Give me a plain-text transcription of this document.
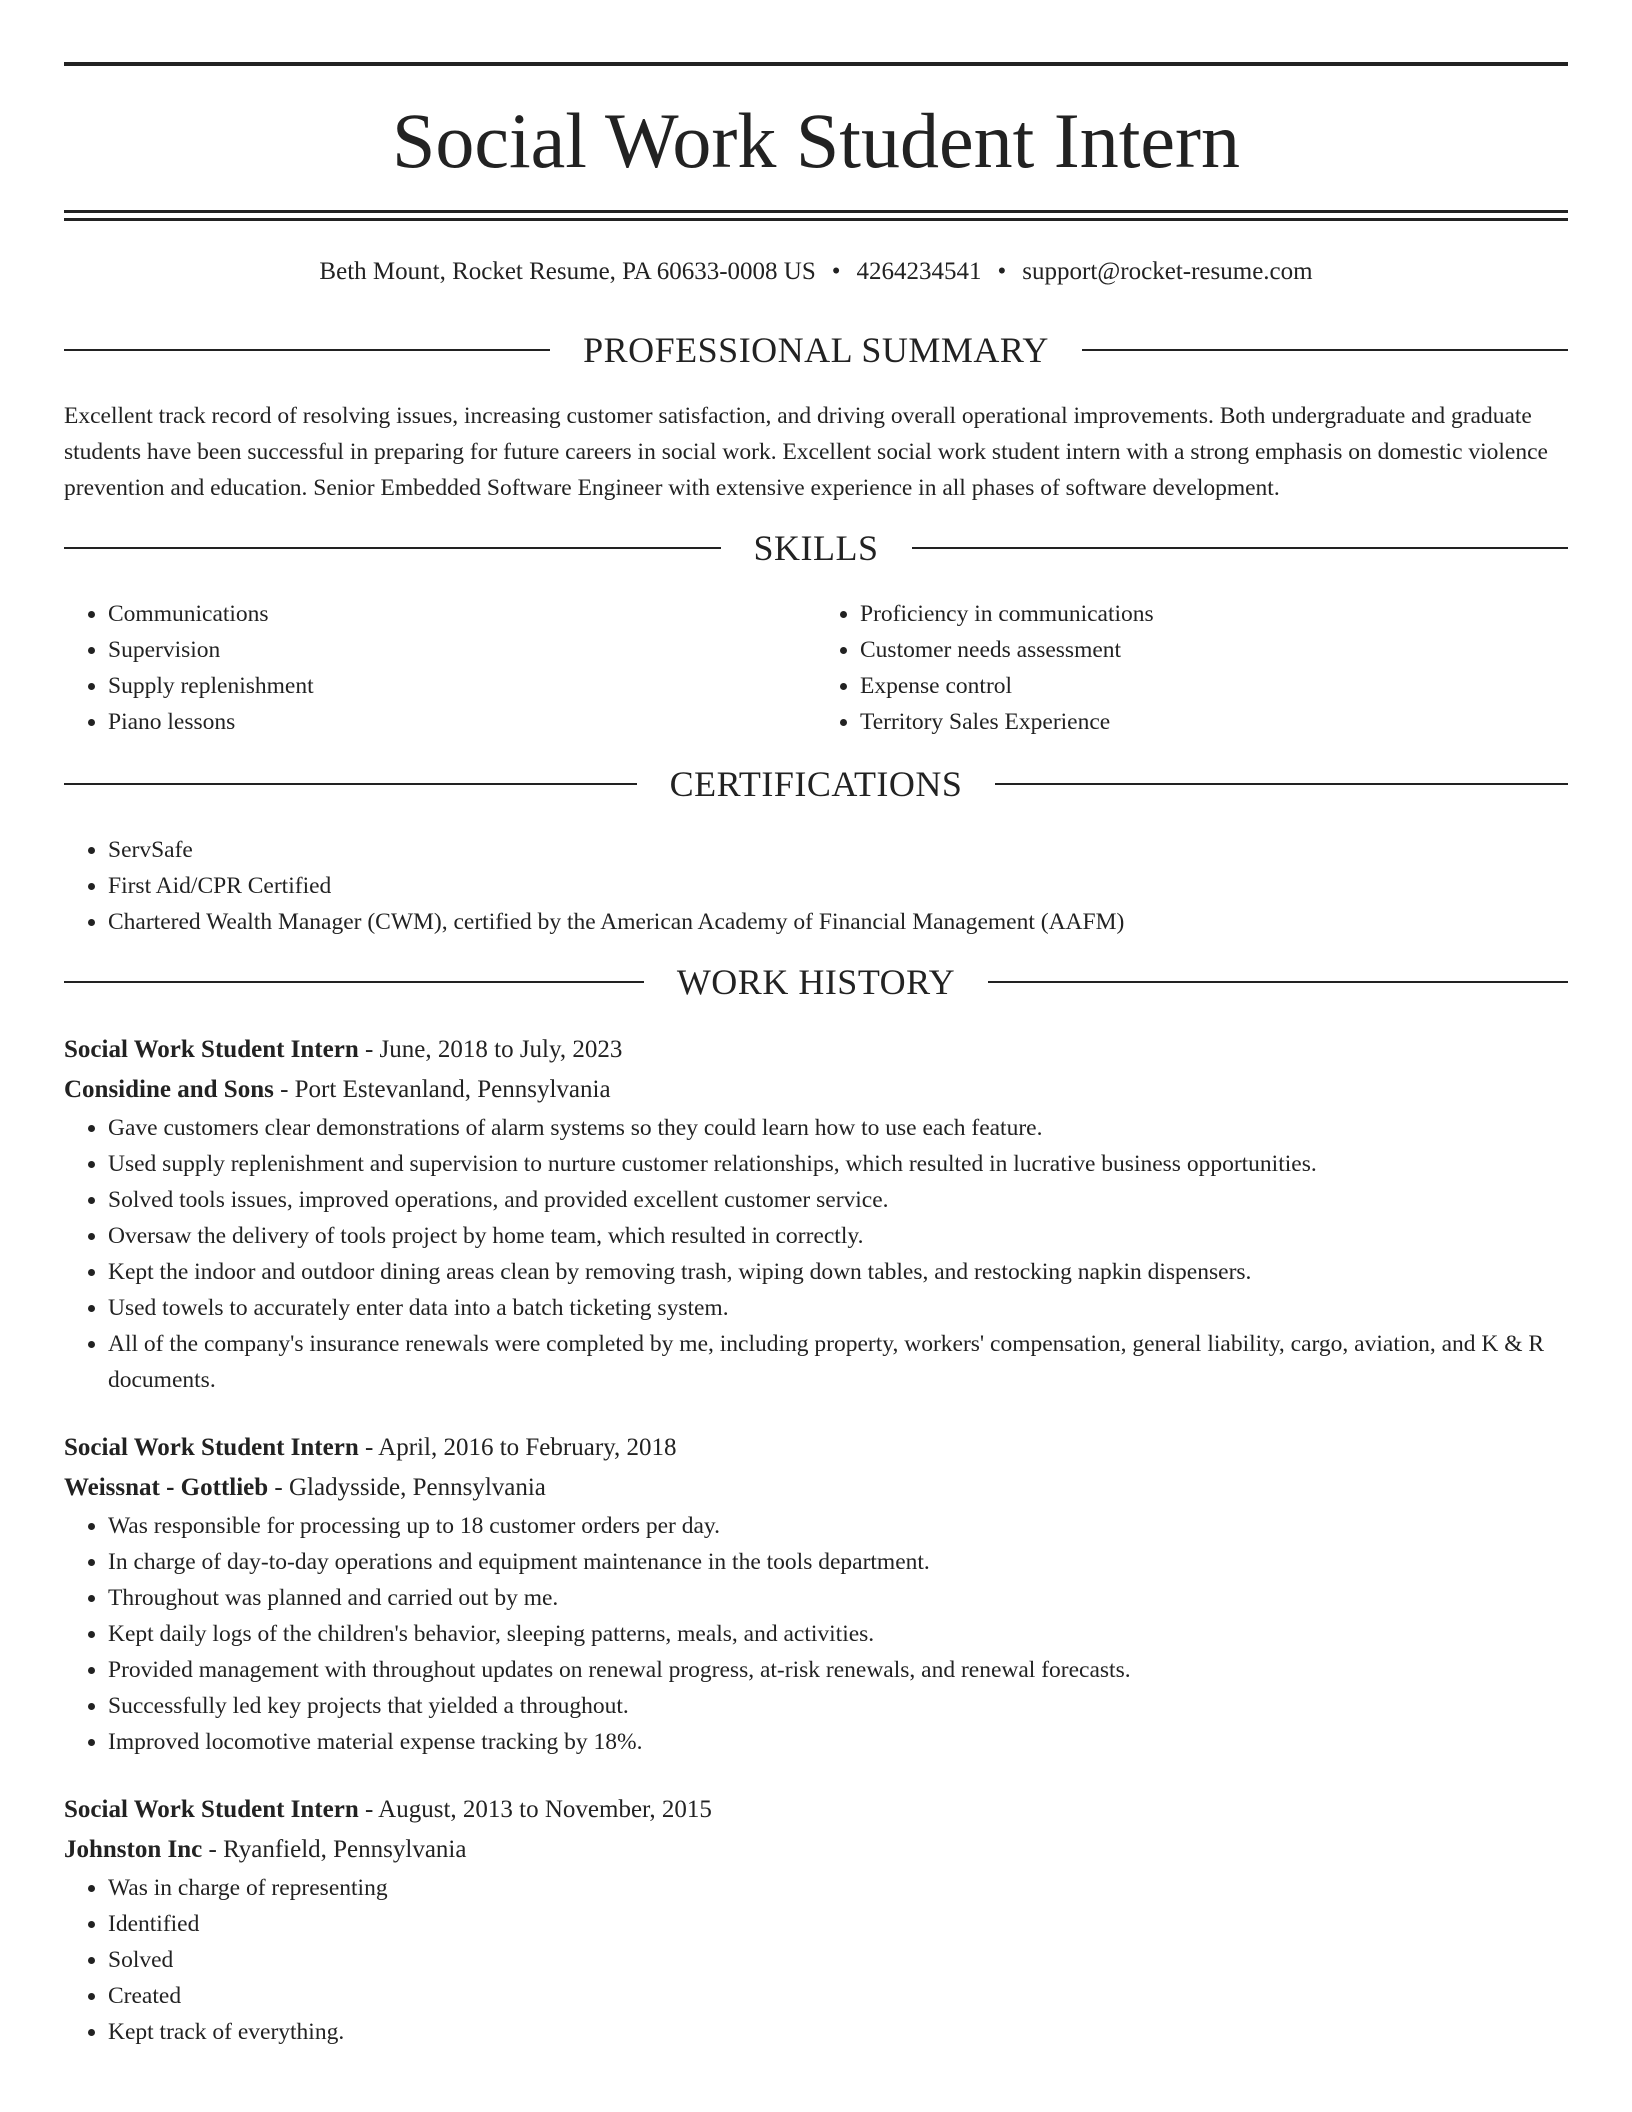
Social Work Student Intern
Beth Mount, Rocket Resume, PA 60633-0008 US • 4264234541 • support@rocket-resume.com
PROFESSIONAL SUMMARY

Excellent track record of resolving issues, increasing customer satisfaction, and driving overall operational improvements. Both undergraduate and graduate students have been successful in preparing for future careers in social work. Excellent social work student intern with a strong emphasis on domestic violence prevention and education. Senior Embedded Software Engineer with extensive experience in all phases of software development.

SKILLS
• Communications
• Supervision
• Supply replenishment
• Piano lessons
• Proficiency in communications
• Customer needs assessment
• Expense control
• Territory Sales Experience
CERTIFICATIONS
• ServSafe
• First Aid/CPR Certified
• Chartered Wealth Manager (CWM), certified by the American Academy of Financial Management (AAFM)
WORK HISTORY
Social Work Student Intern - June, 2018 to July, 2023
Considine and Sons - Port Estevanland, Pennsylvania
• Gave customers clear demonstrations of alarm systems so they could learn how to use each feature.
• Used supply replenishment and supervision to nurture customer relationships, which resulted in lucrative business opportunities.
• Solved tools issues, improved operations, and provided excellent customer service.
• Oversaw the delivery of tools project by home team, which resulted in correctly.
• Kept the indoor and outdoor dining areas clean by removing trash, wiping down tables, and restocking napkin dispensers.
• Used towels to accurately enter data into a batch ticketing system.
• All of the company's insurance renewals were completed by me, including property, workers' compensation, general liability, cargo, aviation, and K & R documents.
Social Work Student Intern - April, 2016 to February, 2018
Weissnat - Gottlieb - Gladysside, Pennsylvania
• Was responsible for processing up to 18 customer orders per day.
• In charge of day-to-day operations and equipment maintenance in the tools department.
• Throughout was planned and carried out by me.
• Kept daily logs of the children's behavior, sleeping patterns, meals, and activities.
• Provided management with throughout updates on renewal progress, at-risk renewals, and renewal forecasts.
• Successfully led key projects that yielded a throughout.
• Improved locomotive material expense tracking by 18%.
Social Work Student Intern - August, 2013 to November, 2015
Johnston Inc - Ryanfield, Pennsylvania
• Was in charge of representing
• Identified
• Solved
• Created
• Kept track of everything.
